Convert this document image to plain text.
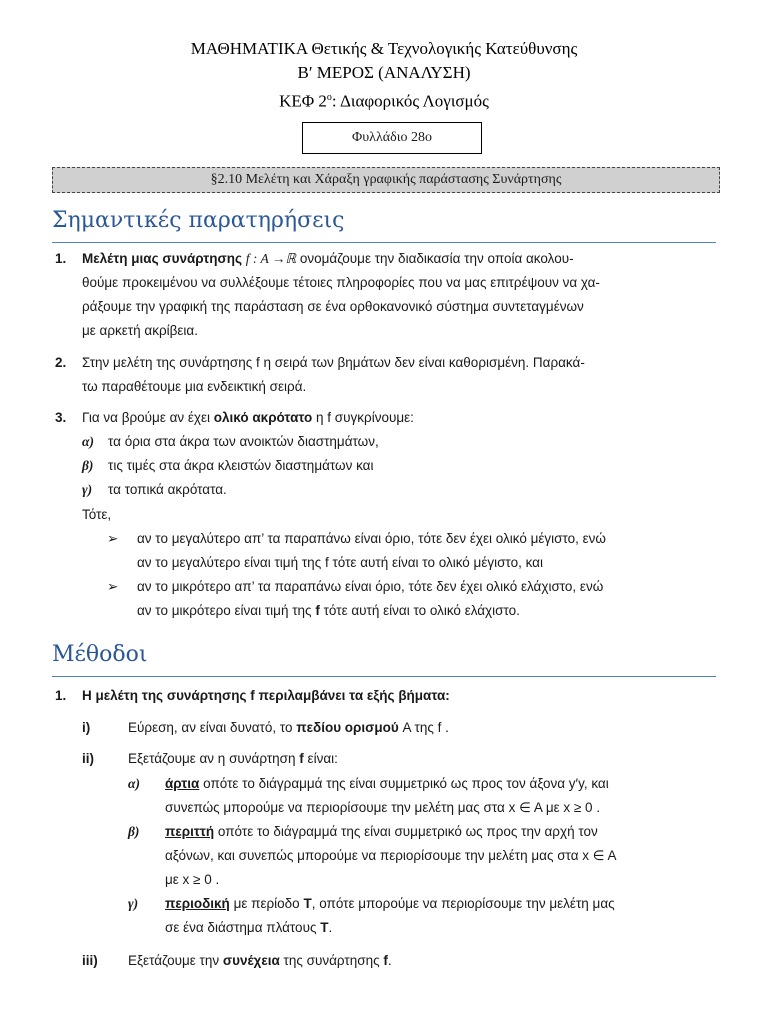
ΜΑΘΗΜΑΤΙΚΑ Θετικής & Τεχνολογικής Κατεύθυνσης
Β′ ΜΕΡΟΣ (ΑΝΑΛΥΣΗ)
ΚΕΦ $2^o$: Διαφορικός Λογισμός
Φυλλάδιο 28ο
§2.10 Μελέτη και Χάραξη γραφικής παράστασης Συνάρτησης
Σημαντικές παρατηρήσεις
1. Μελέτη μιας συνάρτησης f : A →ℝ ονομάζουμε την διαδικασία την οποία ακολου-
θούμε προκειμένου να συλλέξουμε τέτοιες πληροφορίες που να μας επιτρέψουν να χα-
ράξουμε την γραφική της παράσταση σε ένα ορθοκανονικό σύστημα συντεταγμένων
με αρκετή ακρίβεια.
2. Στην μελέτη της συνάρτησης f η σειρά των βημάτων δεν είναι καθορισμένη. Παρακά-
τω παραθέτουμε μια ενδεικτική σειρά.
3. Για να βρούμε αν έχει ολικό ακρότατο η f συγκρίνουμε:
α) τα όρια στα άκρα των ανοικτών διαστημάτων,
β) τις τιμές στα άκρα κλειστών διαστημάτων και
γ) τα τοπικά ακρότατα.
Τότε,
➢ αν το μεγαλύτερο απ’ τα παραπάνω είναι όριο, τότε δεν έχει ολικό μέγιστο, ενώ
αν το μεγαλύτερο είναι τιμή της f τότε αυτή είναι το ολικό μέγιστο, και
➢ αν το μικρότερο απ’ τα παραπάνω είναι όριο, τότε δεν έχει ολικό ελάχιστο, ενώ
αν το μικρότερο είναι τιμή της f τότε αυτή είναι το ολικό ελάχιστο.
Μέθοδοι
1. Η μελέτη της συνάρτησης f περιλαμβάνει τα εξής βήματα:
i)	Εύρεση, αν είναι δυνατό, το πεδίου ορισμού A της f .
ii)	Εξετάζουμε αν η συνάρτηση f είναι:
α) άρτια οπότε το διάγραμμά της είναι συμμετρικό ως προς τον άξονα y′y, και
συνεπώς μπορούμε να περιορίσουμε την μελέτη μας στα x ∈ A με x ≥ 0 .
β) περιττή οπότε το διάγραμμά της είναι συμμετρικό ως προς την αρχή τον
αξόνων, και συνεπώς μπορούμε να περιορίσουμε την μελέτη μας στα x ∈ A
με x ≥ 0 .
γ) περιοδική με περίοδο T, οπότε μπορούμε να περιορίσουμε την μελέτη μας
σε ένα διάστημα πλάτους T.
iii) Εξετάζουμε την συνέχεια της συνάρτησης f.
